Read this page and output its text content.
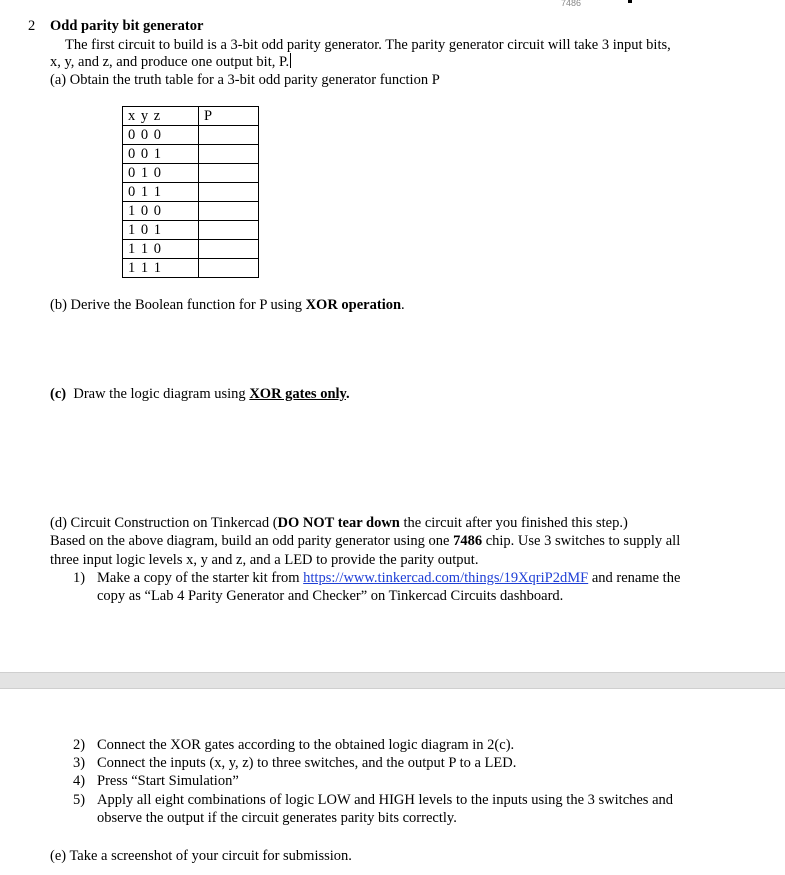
7486
2 Odd parity bit generator
The first circuit to build is a 3-bit odd parity generator. The parity generator circuit will take 3 input bits,
x, y, and z, and produce one output bit, P.
(a) Obtain the truth table for a 3-bit odd parity generator function P
x y z	P
0 0 0	
0 0 1	
0 1 0	
0 1 1	
1 0 0	
1 0 1	
1 1 0	
1 1 1	
(b) Derive the Boolean function for P using XOR operation.
(c) Draw the logic diagram using XOR gates only.
(d) Circuit Construction on Tinkercad (DO NOT tear down the circuit after you finished this step.)
Based on the above diagram, build an odd parity generator using one 7486 chip. Use 3 switches to supply all
three input logic levels x, y and z, and a LED to provide the parity output.
1) Make a copy of the starter kit from https://www.tinkercad.com/things/19XqriP2dMF and rename the
copy as “Lab 4 Parity Generator and Checker” on Tinkercad Circuits dashboard.
2) Connect the XOR gates according to the obtained logic diagram in 2(c).
3) Connect the inputs (x, y, z) to three switches, and the output P to a LED.
4) Press “Start Simulation”
5) Apply all eight combinations of logic LOW and HIGH levels to the inputs using the 3 switches and
observe the output if the circuit generates parity bits correctly.
(e) Take a screenshot of your circuit for submission.
